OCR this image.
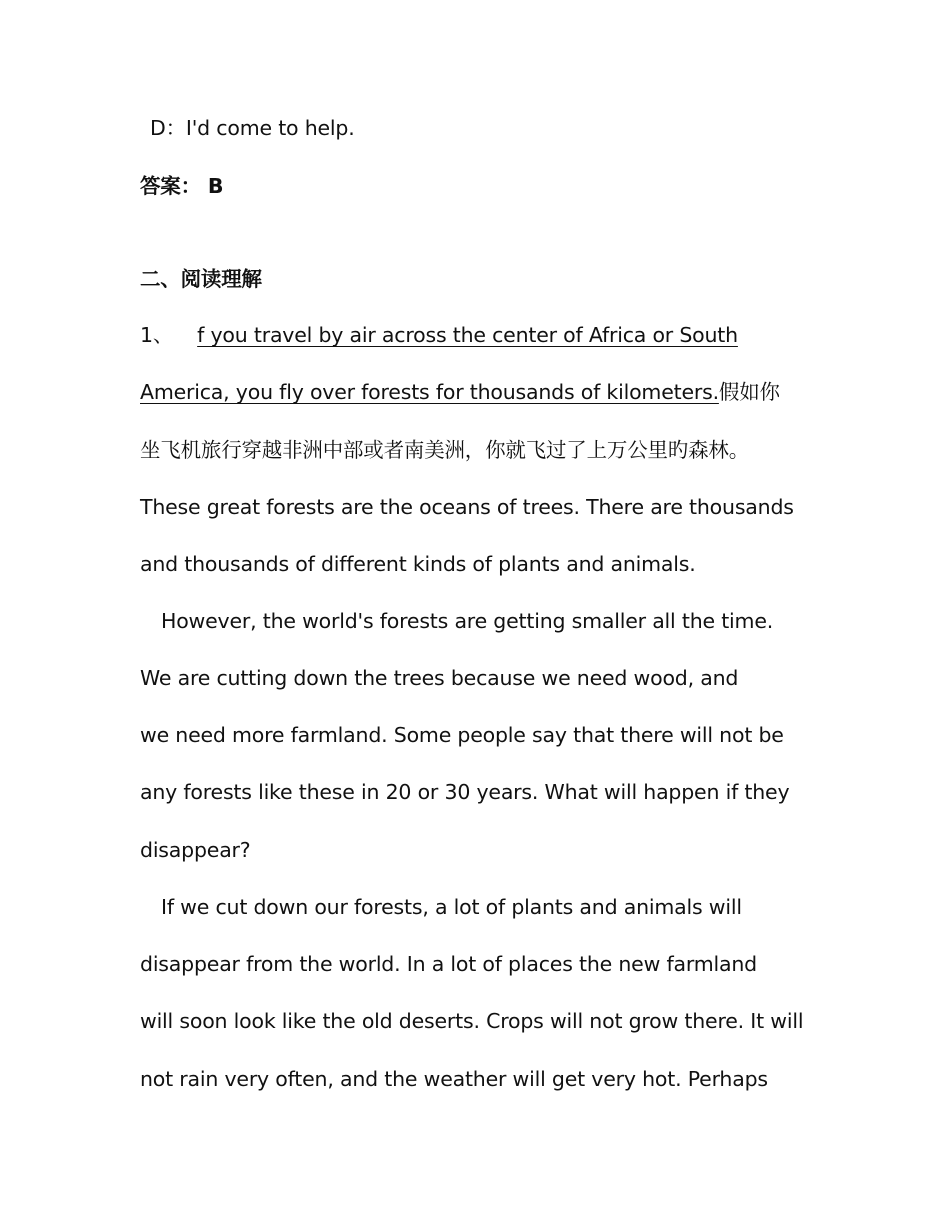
D：I'd come to help.
答案： B
二、阅读理解
1、 f you travel by air across the center of Africa or South
America, you fly over forests for thousands of kilometers.假如你
坐飞机旅行穿越非洲中部或者南美洲，你就飞过了上万公里旳森林。
These great forests are the oceans of trees. There are thousands
and thousands of different kinds of plants and animals.
However, the world's forests are getting smaller all the time.
We are cutting down the trees because we need wood, and
we need more farmland. Some people say that there will not be
any forests like these in 20 or 30 years. What will happen if they
disappear?
If we cut down our forests, a lot of plants and animals will
disappear from the world. In a lot of places the new farmland
will soon look like the old deserts. Crops will not grow there. It will
not rain very often, and the weather will get very hot. Perhaps
